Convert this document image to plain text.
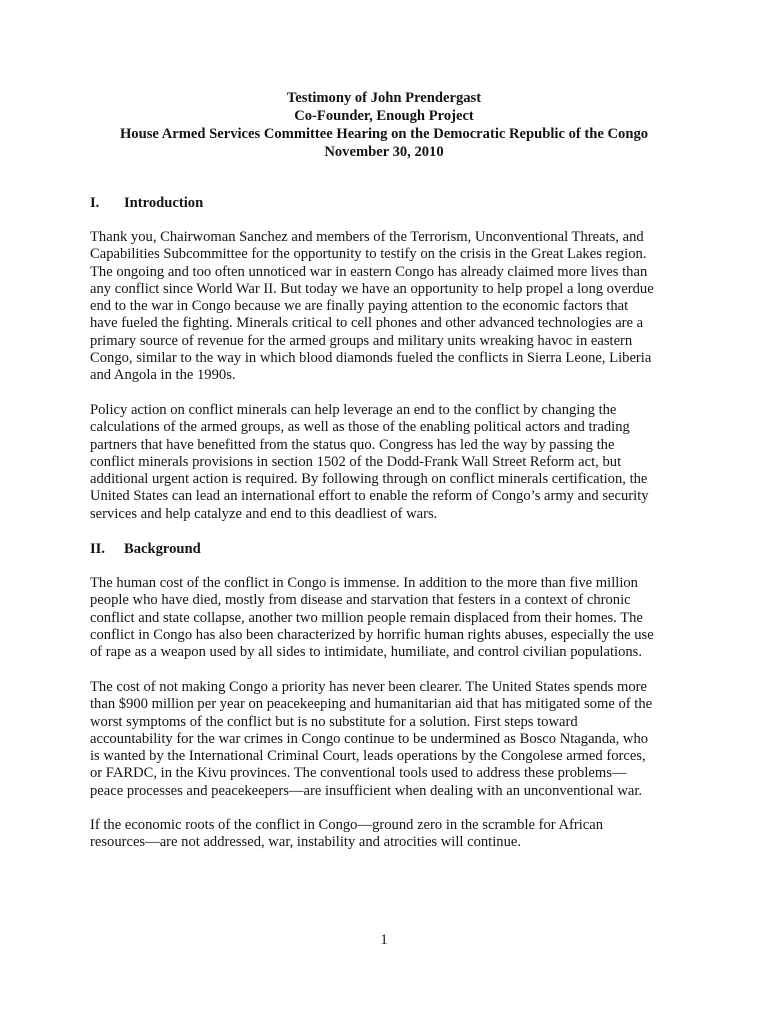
Testimony of John Prendergast
Co-Founder, Enough Project
House Armed Services Committee Hearing on the Democratic Republic of the Congo
November 30, 2010
I. Introduction
Thank you, Chairwoman Sanchez and members of the Terrorism, Unconventional Threats, and
Capabilities Subcommittee for the opportunity to testify on the crisis in the Great Lakes region.
The ongoing and too often unnoticed war in eastern Congo has already claimed more lives than
any conflict since World War II. But today we have an opportunity to help propel a long overdue
end to the war in Congo because we are finally paying attention to the economic factors that
have fueled the fighting. Minerals critical to cell phones and other advanced technologies are a
primary source of revenue for the armed groups and military units wreaking havoc in eastern
Congo, similar to the way in which blood diamonds fueled the conflicts in Sierra Leone, Liberia
and Angola in the 1990s.
Policy action on conflict minerals can help leverage an end to the conflict by changing the
calculations of the armed groups, as well as those of the enabling political actors and trading
partners that have benefitted from the status quo. Congress has led the way by passing the
conflict minerals provisions in section 1502 of the Dodd-Frank Wall Street Reform act, but
additional urgent action is required. By following through on conflict minerals certification, the
United States can lead an international effort to enable the reform of Congo’s army and security
services and help catalyze and end to this deadliest of wars.
II. Background
The human cost of the conflict in Congo is immense. In addition to the more than five million
people who have died, mostly from disease and starvation that festers in a context of chronic
conflict and state collapse, another two million people remain displaced from their homes. The
conflict in Congo has also been characterized by horrific human rights abuses, especially the use
of rape as a weapon used by all sides to intimidate, humiliate, and control civilian populations.
The cost of not making Congo a priority has never been clearer. The United States spends more
than $900 million per year on peacekeeping and humanitarian aid that has mitigated some of the
worst symptoms of the conflict but is no substitute for a solution. First steps toward
accountability for the war crimes in Congo continue to be undermined as Bosco Ntaganda, who
is wanted by the International Criminal Court, leads operations by the Congolese armed forces,
or FARDC, in the Kivu provinces. The conventional tools used to address these problems—
peace processes and peacekeepers—are insufficient when dealing with an unconventional war.
If the economic roots of the conflict in Congo—ground zero in the scramble for African
resources—are not addressed, war, instability and atrocities will continue.
1
